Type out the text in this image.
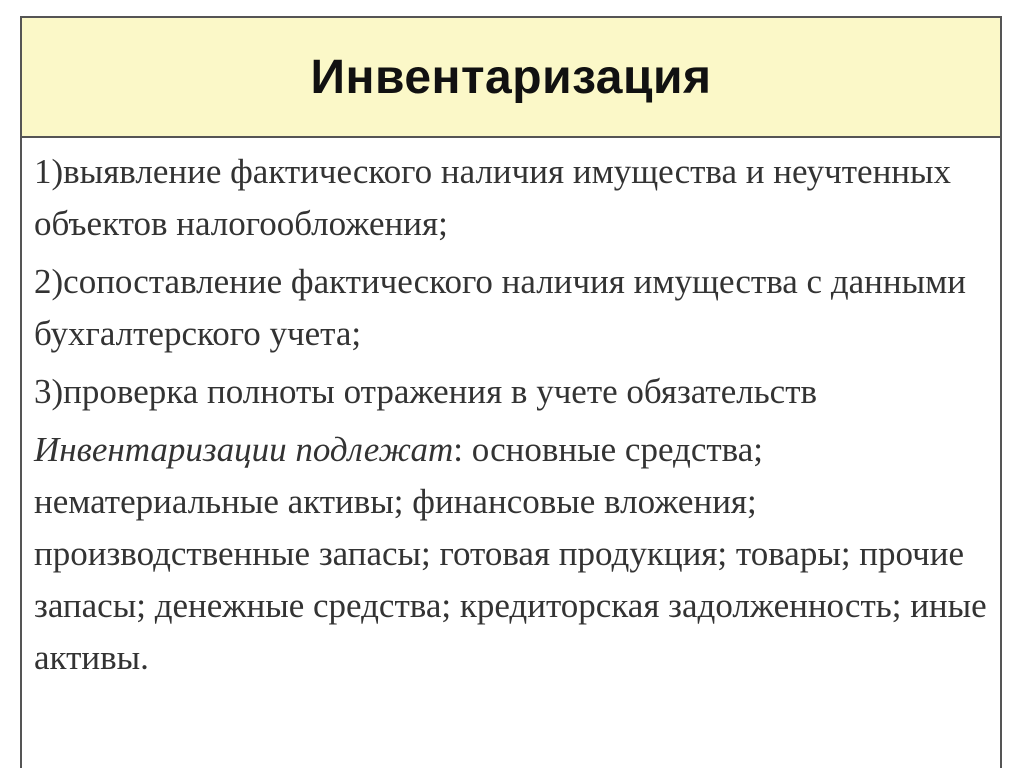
Инвентаризация

1)выявление фактического наличия имущества и неучтенных объектов налогообложения;

2)сопоставление фактического наличия имущества с данными бухгалтерского учета;

3)проверка полноты отражения в учете обязательств

Инвентаризации подлежат: основные средства; нематериальные активы; финансовые вложения; производственные запасы; готовая продукция; товары; прочие запасы; денежные средства; кредиторская задолженность; иные активы.
